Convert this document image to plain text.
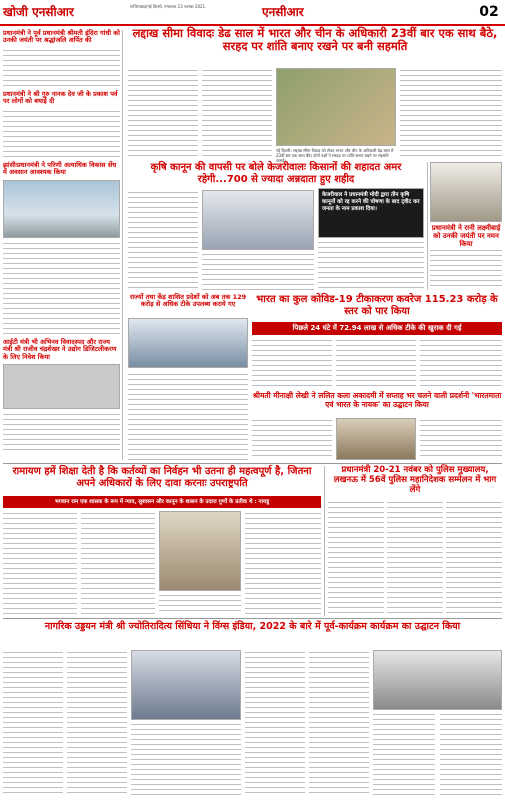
खोजी एनसीआर	गाजियाबाद/नई दिल्ली, मंगलवार 23 नवम्बर 2021	एनसीआर	02
प्रधानमंत्री ने पूर्व प्रधानमंत्री श्रीमती इंदिरा गांधी को उनकी जयंती पर श्रद्धांजलि अर्पित की
प्रधानमंत्री ने श्री गुरु नानक देव जी के प्रकाश पर्व पर लोगों को बधाई दी
झांसीःप्रधानमंत्री ने परिणी अत्याधिक विकास सेंध में अवसान आवश्यक किया
आईटी मंत्री भी अभिनव विवादस्पद और राज्य मंत्री श्री राजीव चंद्रशेखर ने उद्योग डिजिटलीकरण के लिए निवेश किया
लद्दाख सीमा विवादः डेढ साल में भारत और चीन के अधिकारी 23वीं बार एक साथ बैठे, सरहद पर शांति बनाए रखने पर बनी सहमति
नई दिल्ली। लद्दाख सीमा विवाद को लेकर भारत और चीन के अधिकारी डेढ़ साल में 23वीं बार एक साथ बैठे। दोनों पक्षों ने सरहद पर शांति बनाए रखने पर सहमति जताई।
कृषि कानून की वापसी पर बोले केजरीवालः किसानों की शहादत अमर रहेगी...700 से ज्यादा अन्नदाता हुए शहीद
केजरीवाल ने प्रधानमंत्री मोदी द्वारा तीन कृषि कानूनों को रद्द करने की घोषणा के बाद ट्वीट कर जनता के नाम प्रकाश दिया।
प्रधानमंत्री ने रानी लक्ष्मीबाई को उनकी जयंती पर नमन किया
राज्यों तथा केंद्र शासित प्रदेशों को अब तक 129 करोड़ से अधिक टीके उपलब्ध कराये गए	भारत का कुल कोविड-19 टीकाकरण कवरेज 115.23 करोड़ के स्तर को पार किया
पिछले 24 घंटे में 72.94 लाख से अधिक टीके की खुराक दी गई
श्रीमती मीनाक्षी लेखी ने ललित कला अकादमी में सप्ताह भर चलने वाली प्रदर्शनी 'भारतमाता एवं भारत के नायक' का उद्घाटन किया
रामायण हमें शिक्षा देती है कि कर्तव्यों का निर्वहन भी उतना ही महत्वपूर्ण है, जितना अपने अधिकारों के लिए दावा करनाः उपराष्ट्रपति
भगवान राम एक शासक के रूप में न्याय, सुशासन और कानून के शासन के उदात्त गुणों के प्रतीक थे : नायडू
प्रधानमंत्री 20-21 नवंबर को पुलिस मुख्यालय, लखनऊ में 56वें पुलिस महानिदेशक सम्मेलन में भाग लेंगे
नागरिक उड्डयन मंत्री श्री ज्योतिरादित्य सिंधिया ने विंग्स इंडिया, 2022 के बारे में पूर्व-कार्यक्रम कार्यक्रम का उद्घाटन किया
